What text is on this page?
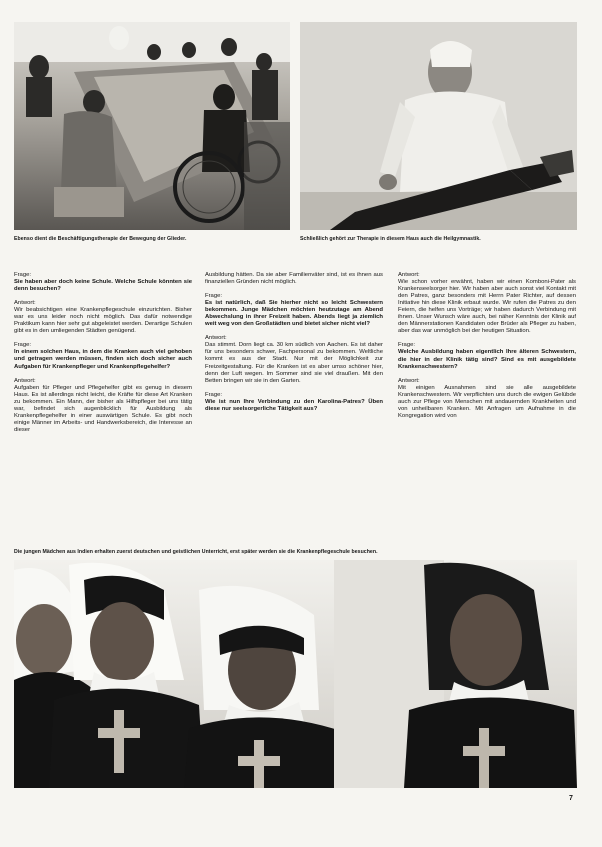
Ebenso dient die Beschäftigungstherapie der Bewegung der Glieder.	Schließlich gehört zur Therapie in diesem Haus auch die Heilgymnastik.

Frage:

Sie haben aber doch keine Schule. Welche Schule könnten sie denn besuchen?

Antwort:

Wir beabsichtigen eine Krankenpflegeschule einzurichten. Bisher war es uns leider noch nicht möglich. Das dafür notwendige Praktikum kann hier sehr gut abgeleistet werden. Derartige Schulen gibt es in den umliegenden Städten genügend.

Frage:

In einem solchen Haus, in dem die Kranken auch viel gehoben und getragen werden müssen, finden sich doch sicher auch Aufgaben für Krankenpfleger und Krankenpflegehelfer?

Antwort:

Aufgaben für Pfleger und Pflegehelfer gibt es genug in diesem Haus. Es ist allerdings nicht leicht, die Kräfte für diese Art Kranken zu bekommen. Ein Mann, der bisher als Hilfspfleger bei uns tätig war, befindet sich augenblicklich für Ausbildung als Krankenpflegehelfer in einer auswärtigen Schule. Es gibt noch einige Männer im Arbeits- und Handwerksbereich, die Interesse an dieser

Ausbildung hätten. Da sie aber Familienväter sind, ist es ihnen aus finanziellen Gründen nicht möglich.

Frage:

Es ist natürlich, daß Sie hierher nicht so leicht Schwestern bekommen. Junge Mädchen möchten heutzutage am Abend Abwechslung in ihrer Freizeit haben. Abends liegt ja ziemlich weit weg von den Großstädten und bietet sicher nicht viel?

Antwort:

Das stimmt. Dorn liegt ca. 30 km südlich von Aachen. Es ist daher für uns besonders schwer, Fachpersonal zu bekommen. Weltliche kommt es aus der Stadt. Nur mit der Möglichkeit zur Freizeitgestaltung. Für die Kranken ist es aber umso schöner hier, denn der Luft wegen. Im Sommer sind sie viel draußen. Mit den Betten bringen wir sie in den Garten.

Frage:

Wie ist nun Ihre Verbindung zu den Karolina-Patres? Üben diese nur seelsorgerliche Tätigkeit aus?

Antwort:

Wie schon vorher erwähnt, haben wir einen Komboni-Pater als Krankenseelsorger hier. Wir haben aber auch sonst viel Kontakt mit den Patres, ganz besonders mit Herrn Pater Richter, auf dessen Initiative hin diese Klinik erbaut wurde. Wir rufen die Patres zu den Feiern, die helfen uns Vorträge; wir haben dadurch Verbindung mit ihnen. Unser Wunsch wäre auch, bei näher Kenntnis der Klinik auf den Männerstationen Kandidaten oder Brüder als Pfleger zu haben, aber das war unmöglich bei der heutigen Situation.

Frage:

Welche Ausbildung haben eigentlich Ihre älteren Schwestern, die hier in der Klinik tätig sind? Sind es mit ausgebildete Krankenschwestern?

Antwort:

Mit einigen Ausnahmen sind sie alle ausgebildete Krankenschwestern. Wir verpflichten uns durch die ewigen Gelübde auch zur Pflege von Menschen mit andauernden Krankheiten und von unheilbaren Kranken. Mit Anfragen um Aufnahme in die Kongregation wird von

Die jungen Mädchen aus Indien erhalten zuerst deutschen und geistlichen Unterricht, erst später werden sie die Krankenpflegeschule besuchen.
7
